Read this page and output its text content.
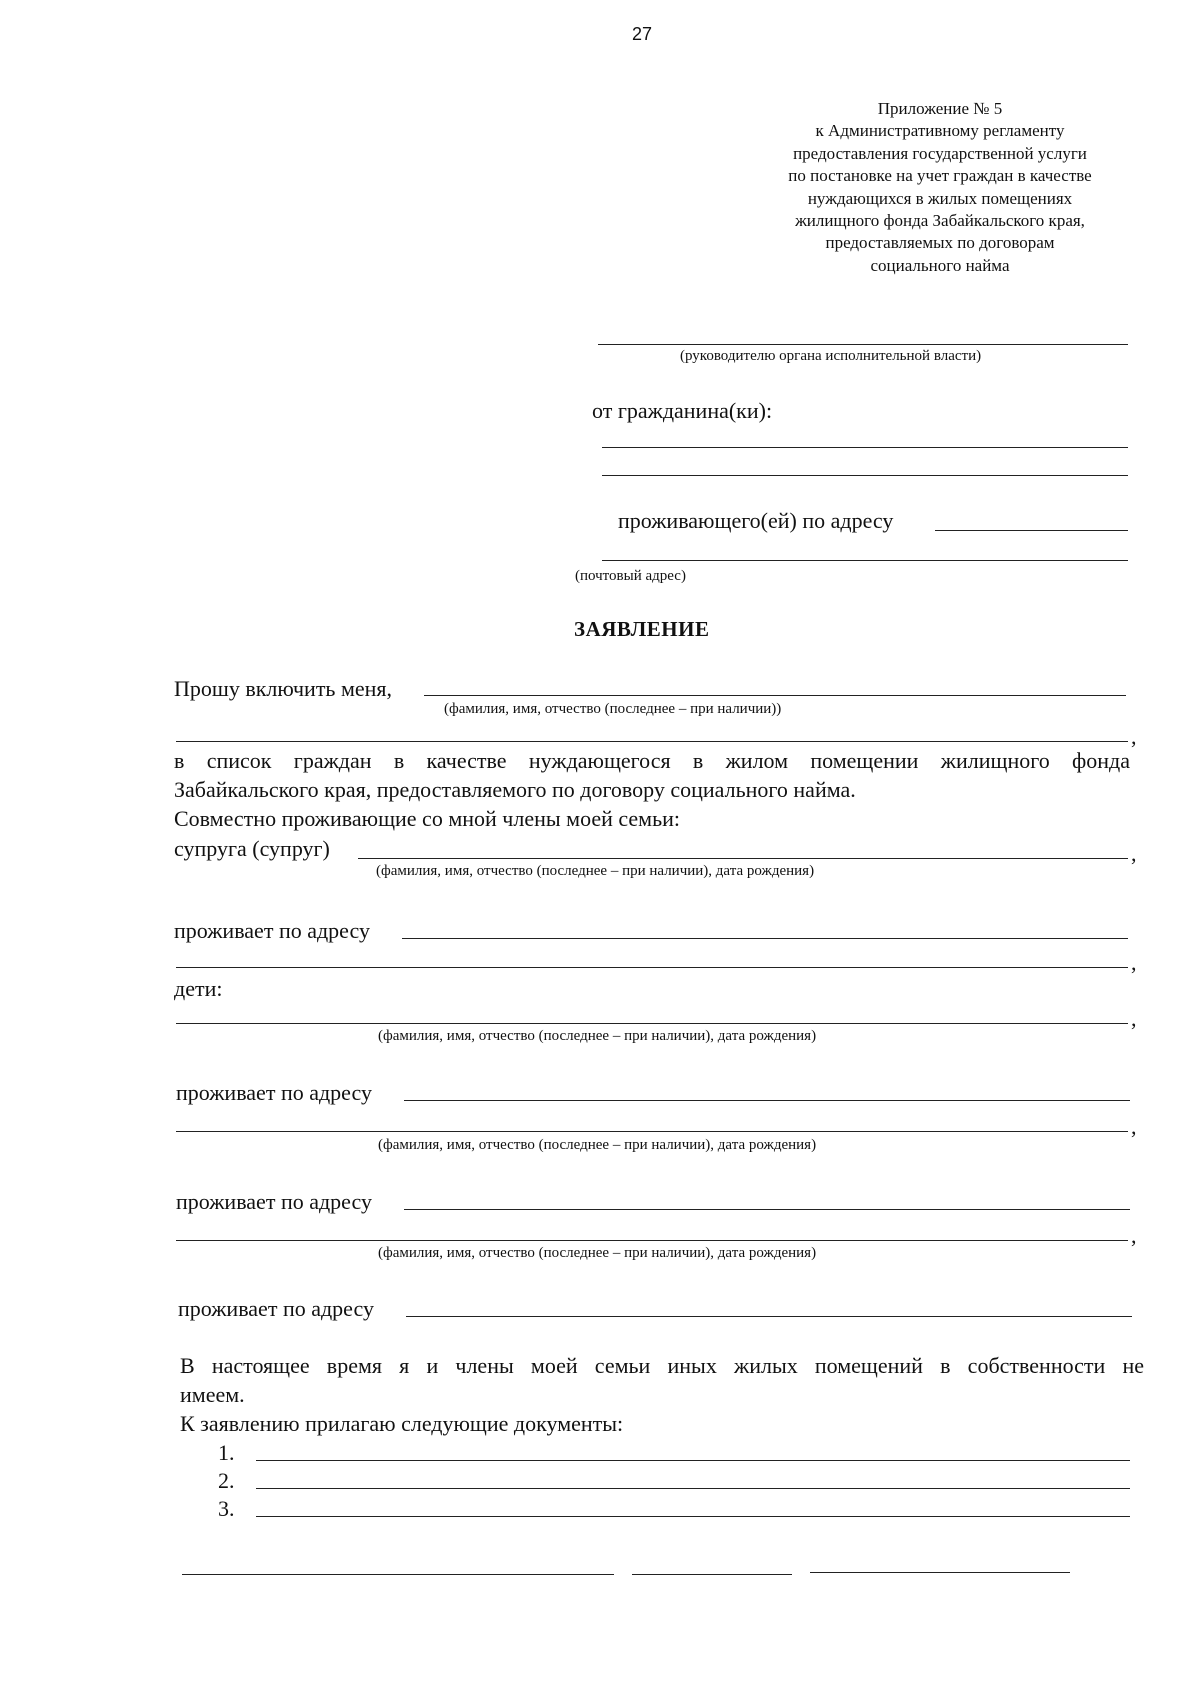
27
Приложение № 5
к Административному регламенту
предоставления государственной услуги
по постановке на учет граждан в качестве
нуждающихся в жилых помещениях
жилищного фонда Забайкальского края,
предоставляемых по договорам
социального найма
(руководителю органа исполнительной власти)
от гражданина(ки):
проживающего(ей) по адресу
(почтовый адрес)
ЗАЯВЛЕНИЕ
Прошу включить меня,
(фамилия, имя, отчество (последнее – при наличии))
,
в список граждан в качестве нуждающегося в жилом помещении жилищного фонда
Забайкальского края, предоставляемого по договору социального найма.
Совместно проживающие со мной члены моей семьи:
супруга (супруг)	,
(фамилия, имя, отчество (последнее – при наличии), дата рождения)
проживает по адресу
,
дети:
,
(фамилия, имя, отчество (последнее – при наличии), дата рождения)
проживает по адресу
,
(фамилия, имя, отчество (последнее – при наличии), дата рождения)
проживает по адресу
,
(фамилия, имя, отчество (последнее – при наличии), дата рождения)
проживает по адресу
В настоящее время я и члены моей семьи иных жилых помещений в собственности не
имеем.
К заявлению прилагаю следующие документы:
1.
2.
3.
